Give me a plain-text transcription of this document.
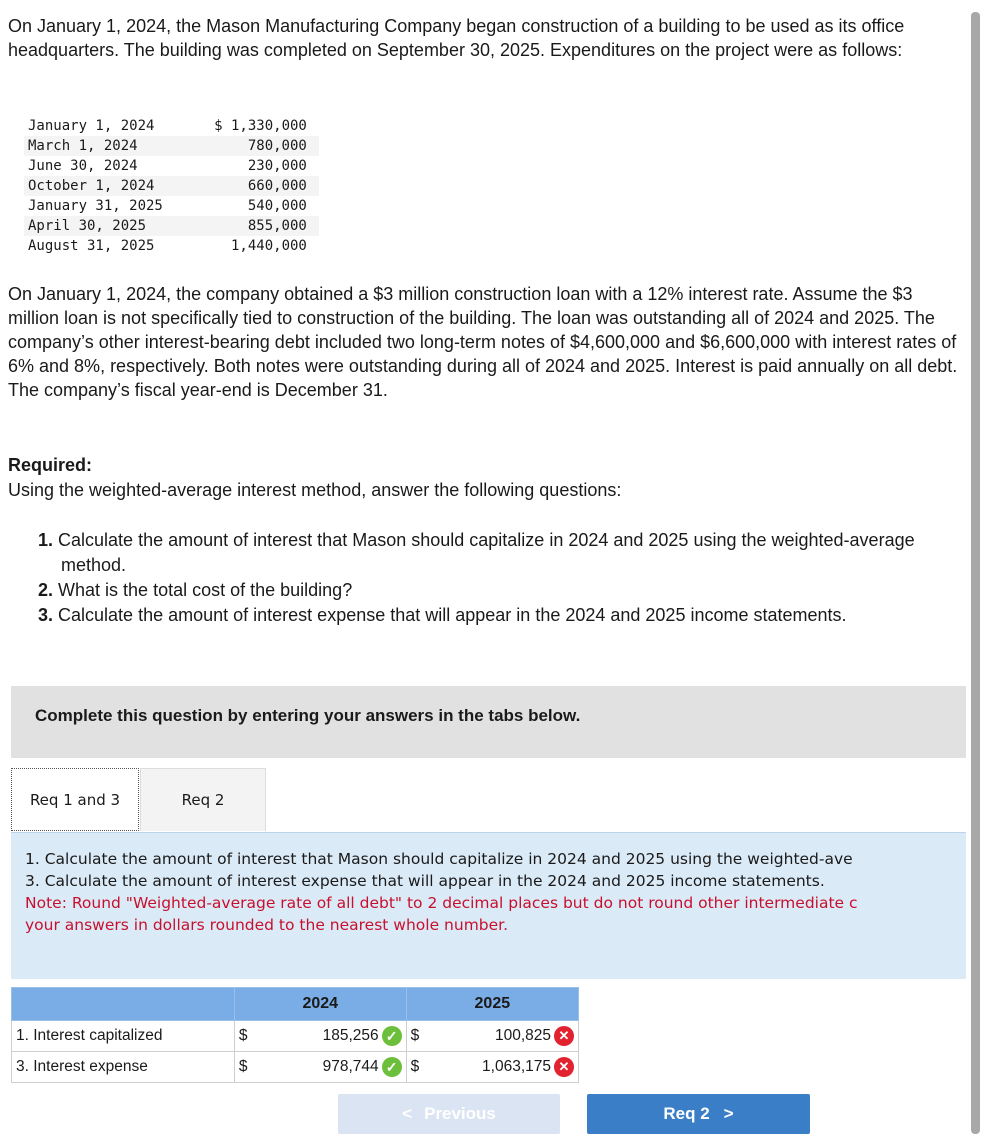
On January 1, 2024, the Mason Manufacturing Company began construction of a building to be used as its office headquarters. The building was completed on September 30, 2025. Expenditures on the project were as follows:

January 1, 2024	$ 1,330,000
March 1, 2024	780,000
June 30, 2024	230,000
October 1, 2024	660,000
January 31, 2025	540,000
April 30, 2025	855,000
August 31, 2025	1,440,000

On January 1, 2024, the company obtained a $3 million construction loan with a 12% interest rate. Assume the $3 million loan is not specifically tied to construction of the building. The loan was outstanding all of 2024 and 2025. The company’s other interest-bearing debt included two long-term notes of $4,600,000 and $6,600,000 with interest rates of 6% and 8%, respectively. Both notes were outstanding during all of 2024 and 2025. Interest is paid annually on all debt. The company’s fiscal year-end is December 31.

Required:

Using the weighted-average interest method, answer the following questions:

1. Calculate the amount of interest that Mason should capitalize in 2024 and 2025 using the weighted-average method.
2. What is the total cost of the building?
3. Calculate the amount of interest expense that will appear in the 2024 and 2025 income statements.
Complete this question by entering your answers in the tabs below.
Req 1 and 3	Req 2
1. Calculate the amount of interest that Mason should capitalize in 2024 and 2025 using the weighted-ave
3. Calculate the amount of interest expense that will appear in the 2024 and 2025 income statements.
Note: Round "Weighted-average rate of all debt" to 2 decimal places but do not round other intermediate c
your answers in dollars rounded to the nearest whole number.
	2024		2025	
1. Interest capitalized	$	185,256 ✓	$	100,825 ✕
3. Interest expense	$	978,744 ✓	$	1,063,175 ✕
< Previous	Req 2 >
